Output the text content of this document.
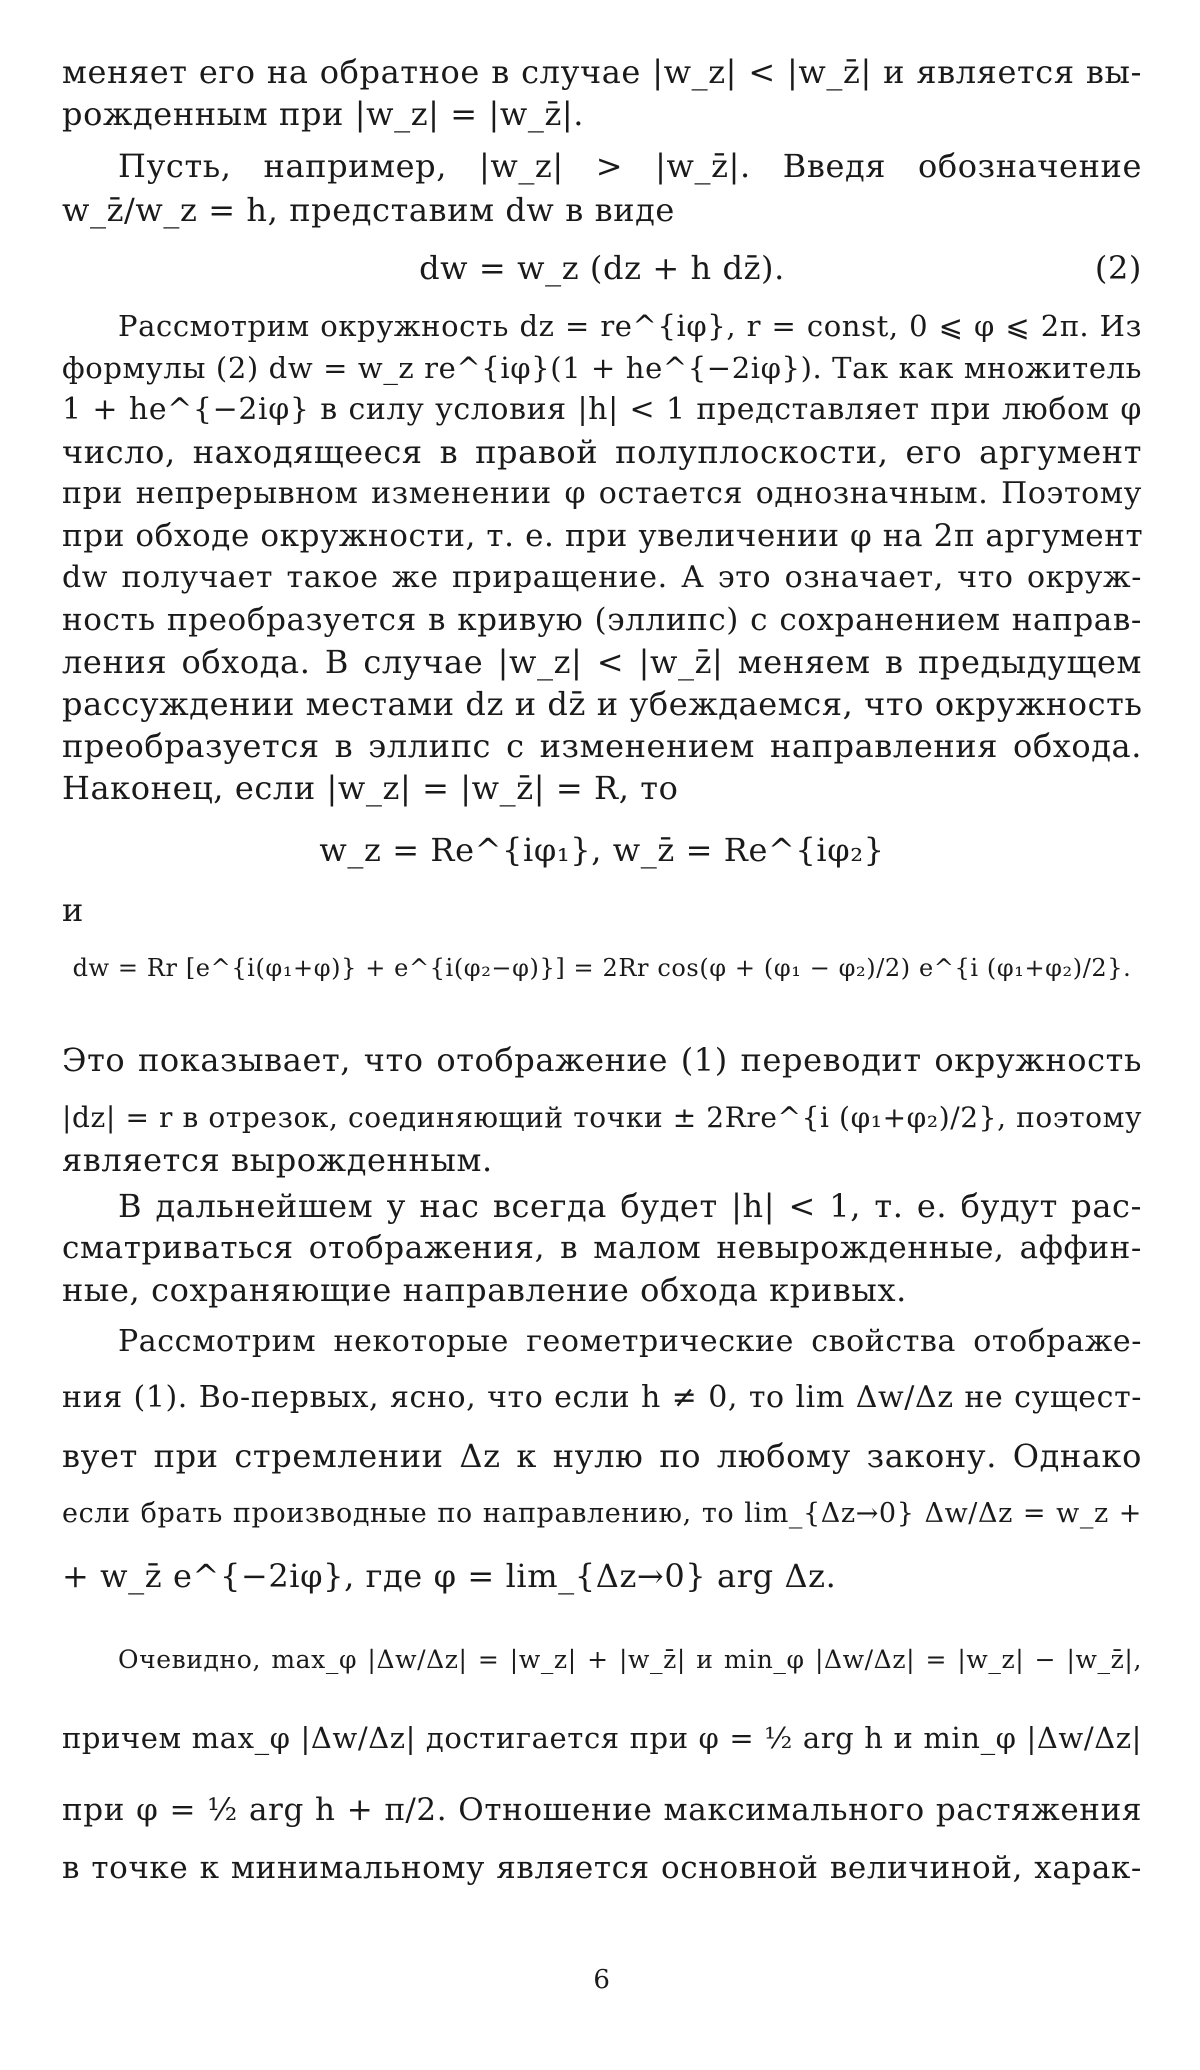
меняет его на обратное в случае |w_z| < |w_z̄| и является вы-
рожденным при |w_z| = |w_z̄|.
Пусть, например, |w_z| > |w_z̄|. Введя обозначение
w_z̄/w_z = h, представим dw в виде
dw = w_z (dz + h dz̄).	(2)
Рассмотрим окружность dz = re^{iφ}, r = const, 0 ⩽ φ ⩽ 2π. Из
формулы (2) dw = w_z re^{iφ}(1 + he^{−2iφ}). Так как множитель
1 + he^{−2iφ} в силу условия |h| < 1 представляет при любом φ
число, находящееся в правой полуплоскости, его аргумент
при непрерывном изменении φ остается однозначным. Поэтому
при обходе окружности, т. е. при увеличении φ на 2π аргумент
dw получает такое же приращение. А это означает, что окруж-
ность преобразуется в кривую (эллипс) с сохранением направ-
ления обхода. В случае |w_z| < |w_z̄| меняем в предыдущем
рассуждении местами dz и dz̄ и убеждаемся, что окружность
преобразуется в эллипс с изменением направления обхода.
Наконец, если |w_z| = |w_z̄| = R, то
w_z = Re^{iφ₁}, w_z̄ = Re^{iφ₂}
и
dw = Rr [e^{i(φ₁+φ)} + e^{i(φ₂−φ)}] = 2Rr cos(φ + (φ₁ − φ₂)/2) e^{i (φ₁+φ₂)/2}.
Это показывает, что отображение (1) переводит окружность
|dz| = r в отрезок, соединяющий точки ± 2Rre^{i (φ₁+φ₂)/2}, поэтому
является вырожденным.
В дальнейшем у нас всегда будет |h| < 1, т. е. будут рас-
сматриваться отображения, в малом невырожденные, аффин-
ные, сохраняющие направление обхода кривых.
Рассмотрим некоторые геометрические свойства отображе-
ния (1). Во-первых, ясно, что если h ≠ 0, то lim Δw/Δz не сущест-
вует при стремлении Δz к нулю по любому закону. Однако
если брать производные по направлению, то lim_{Δz→0} Δw/Δz = w_z +
+ w_z̄ e^{−2iφ}, где φ = lim_{Δz→0} arg Δz.
Очевидно, max_φ |Δw/Δz| = |w_z| + |w_z̄| и min_φ |Δw/Δz| = |w_z| − |w_z̄|,
причем max_φ |Δw/Δz| достигается при φ = ½ arg h и min_φ |Δw/Δz|
при φ = ½ arg h + π/2. Отношение максимального растяжения
в точке к минимальному является основной величиной, харак-
6
